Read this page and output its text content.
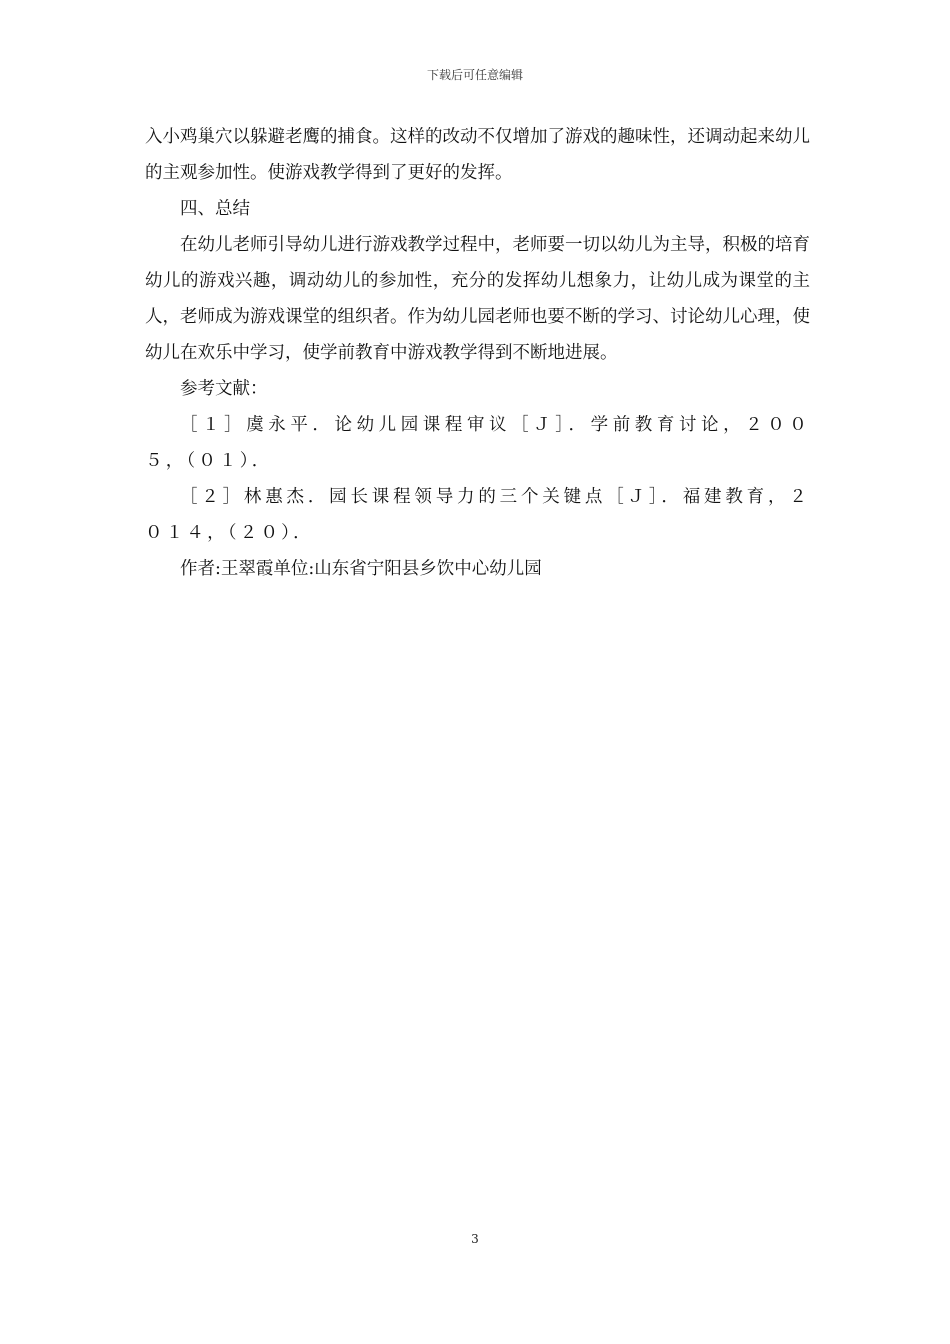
下载后可任意编辑

入小鸡巢穴以躲避老鹰的捕食。这样的改动不仅增加了游戏的趣味性，还调动起来幼儿的主观参加性。使游戏教学得到了更好的发挥。

四、总结

在幼儿老师引导幼儿进行游戏教学过程中，老师要一切以幼儿为主导，积极的培育幼儿的游戏兴趣，调动幼儿的参加性，充分的发挥幼儿想象力，让幼儿成为课堂的主人，老师成为游戏课堂的组织者。作为幼儿园老师也要不断的学习、讨论幼儿心理，使幼儿在欢乐中学习，使学前教育中游戏教学得到不断地进展。

参考文献：

［１］虞永平．论幼儿园课程审议［Ｊ］．学前教育讨论，２００５，（０１）．

［２］林惠杰．园长课程领导力的三个关键点［Ｊ］．福建教育，２０１４，（２０）．

作者:王翠霞单位:山东省宁阳县乡饮中心幼儿园

3
